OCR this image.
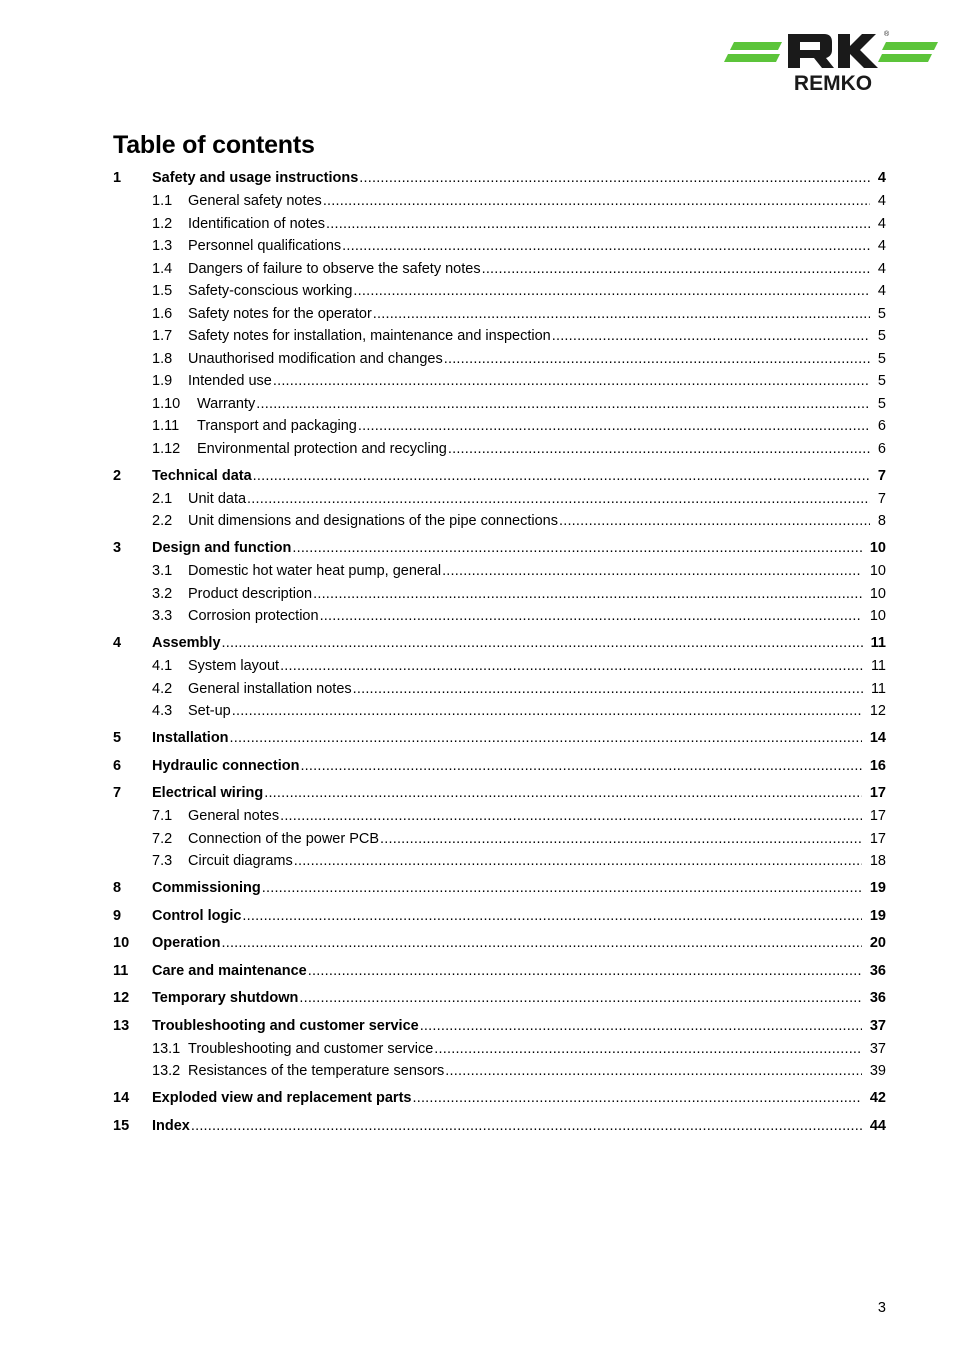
REMKO
®
Table of contents
1	Safety and usage instructions .....	4
1.1	General safety notes .....	4
1.2	Identification of notes .....	4
1.3	Personnel qualifications .....	4
1.4	Dangers of failure to observe the safety notes .....	4
1.5	Safety-conscious working .....	4
1.6	Safety notes for the operator .....	5
1.7	Safety notes for installation, maintenance and inspection .....	5
1.8	Unauthorised modification and changes .....	5
1.9	Intended use .....	5
1.10	Warranty .....	5
1.11	Transport and packaging .....	6
1.12	Environmental protection and recycling .....	6
2	Technical data .....	7
2.1	Unit data .....	7
2.2	Unit dimensions and designations of the pipe connections .....	8
3	Design and function .....	10
3.1	Domestic hot water heat pump, general .....	10
3.2	Product description .....	10
3.3	Corrosion protection .....	10
4	Assembly .....	11
4.1	System layout .....	11
4.2	General installation notes .....	11
4.3	Set-up .....	12
5	Installation .....	14
6	Hydraulic connection .....	16
7	Electrical wiring .....	17
7.1	General notes .....	17
7.2	Connection of the power PCB .....	17
7.3	Circuit diagrams .....	18
8	Commissioning .....	19
9	Control logic .....	19
10	Operation .....	20
11	Care and maintenance .....	36
12	Temporary shutdown .....	36
13	Troubleshooting and customer service .....	37
13.1 Troubleshooting and customer service .....	37
13.2 Resistances of the temperature sensors .....	39
14	Exploded view and replacement parts .....	42
15	Index .....	44
3
